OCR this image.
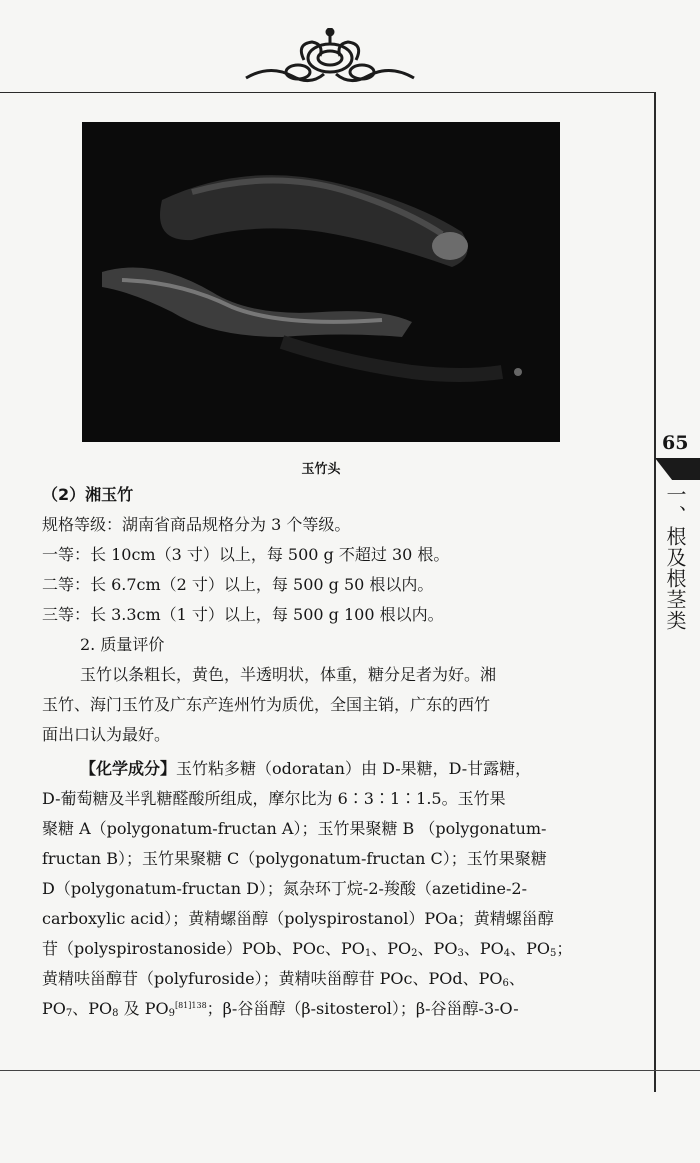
65
一、根及根茎类
玉竹头
（2）湘玉竹
规格等级：湖南省商品规格分为 3 个等级。
一等：长 10cm（3 寸）以上，每 500 g 不超过 30 根。
二等：长 6.7cm（2 寸）以上，每 500 g 50 根以内。
三等：长 3.3cm（1 寸）以上，每 500 g 100 根以内。
2. 质量评价
玉竹以条粗长，黄色，半透明状，体重，糖分足者为好。湘
玉竹、海门玉竹及广东产连州竹为质优，全国主销，广东的西竹
面出口认为最好。
【化学成分】玉竹粘多糖（odoratan）由 D-果糖，D-甘露糖，
D-葡萄糖及半乳糖醛酸所组成，摩尔比为 6∶3∶1∶1.5。玉竹果
聚糖 A（polygonatum-fructan A）；玉竹果聚糖 B （polygonatum-
fructan B）；玉竹果聚糖 C（polygonatum-fructan C）；玉竹果聚糖
D（polygonatum-fructan D）；氮杂环丁烷-2-羧酸（azetidine-2-
carboxylic acid）；黄精螺甾醇（polyspirostanol）POa；黄精螺甾醇
苷（polyspirostanoside）POb、POc、$PO_1$、$PO_2$、$PO_3$、$PO_4$、$PO_5$；
黄精呋甾醇苷（polyfuroside）；黄精呋甾醇苷 POc、POd、$PO_6$、
$PO_7$、$PO_8$ 及 $PO_9^{[81]138}$；β-谷甾醇（β-sitosterol）；β-谷甾醇-3-O-
